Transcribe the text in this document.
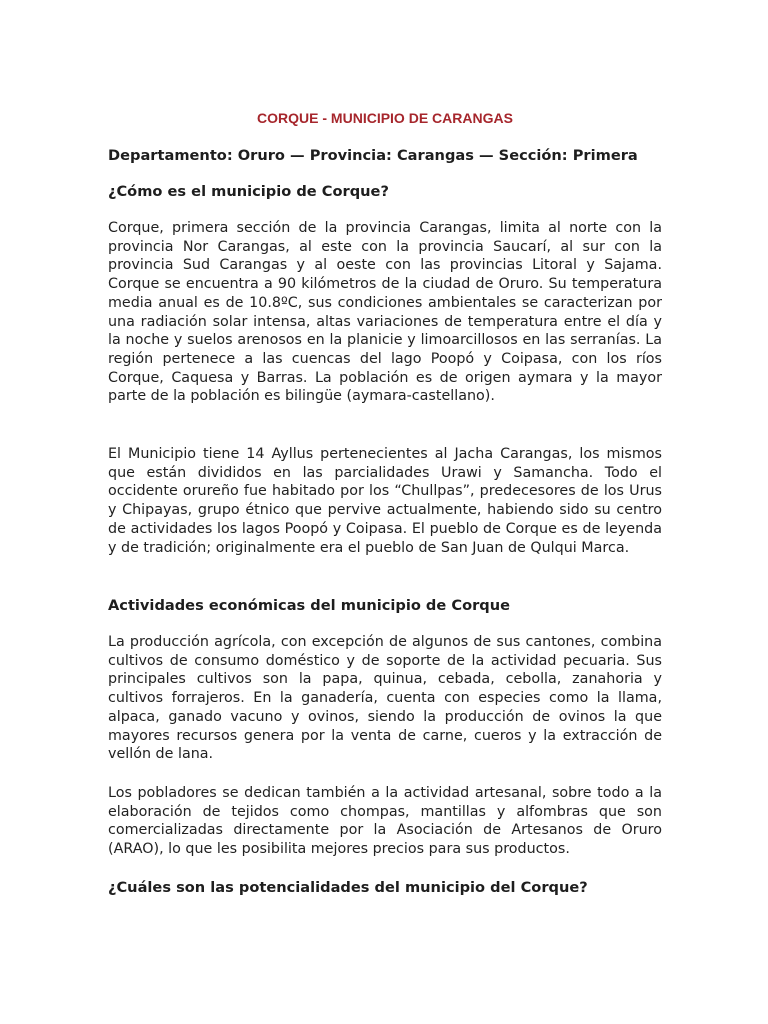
CORQUE - MUNICIPIO DE CARANGAS
Departamento: Oruro — Provincia: Carangas — Sección: Primera
¿Cómo es el municipio de Corque?

Corque, primera sección de la provincia Carangas, limita al norte con la provincia Nor Carangas, al este con la provincia Saucarí, al sur con la provincia Sud Carangas y al oeste con las provincias Litoral y Sajama. Corque se encuentra a 90 kilómetros de la ciudad de Oruro. Su temperatura media anual es de 10.8ºC, sus condiciones ambientales se caracterizan por una radiación solar intensa, altas variaciones de temperatura entre el día y la noche y suelos arenosos en la planicie y limoarcillosos en las serranías. La región pertenece a las cuencas del lago Poopó y Coipasa, con los ríos Corque, Caquesa y Barras. La población es de origen aymara y la mayor parte de la población es bilingüe (aymara-castellano).

El Municipio tiene 14 Ayllus pertenecientes al Jacha Carangas, los mismos que están divididos en las parcialidades Urawi y Samancha. Todo el occidente orureño fue habitado por los “Chullpas”, predecesores de los Urus y Chipayas, grupo étnico que pervive actualmente, habiendo sido su centro de actividades los lagos Poopó y Coipasa. El pueblo de Corque es de leyenda y de tradición; originalmente era el pueblo de San Juan de Qulqui Marca.

Actividades económicas del municipio de Corque

La producción agrícola, con excepción de algunos de sus cantones, combina cultivos de consumo doméstico y de soporte de la actividad pecuaria. Sus principales cultivos son la papa, quinua, cebada, cebolla, zanahoria y cultivos forrajeros. En la ganadería, cuenta con especies como la llama, alpaca, ganado vacuno y ovinos, siendo la producción de ovinos la que mayores recursos genera por la venta de carne, cueros y la extracción de vellón de lana.

Los pobladores se dedican también a la actividad artesanal, sobre todo a la elaboración de tejidos como chompas, mantillas y alfombras que son comercializadas directamente por la Asociación de Artesanos de Oruro (ARAO), lo que les posibilita mejores precios para sus productos.

¿Cuáles son las potencialidades del municipio del Corque?
